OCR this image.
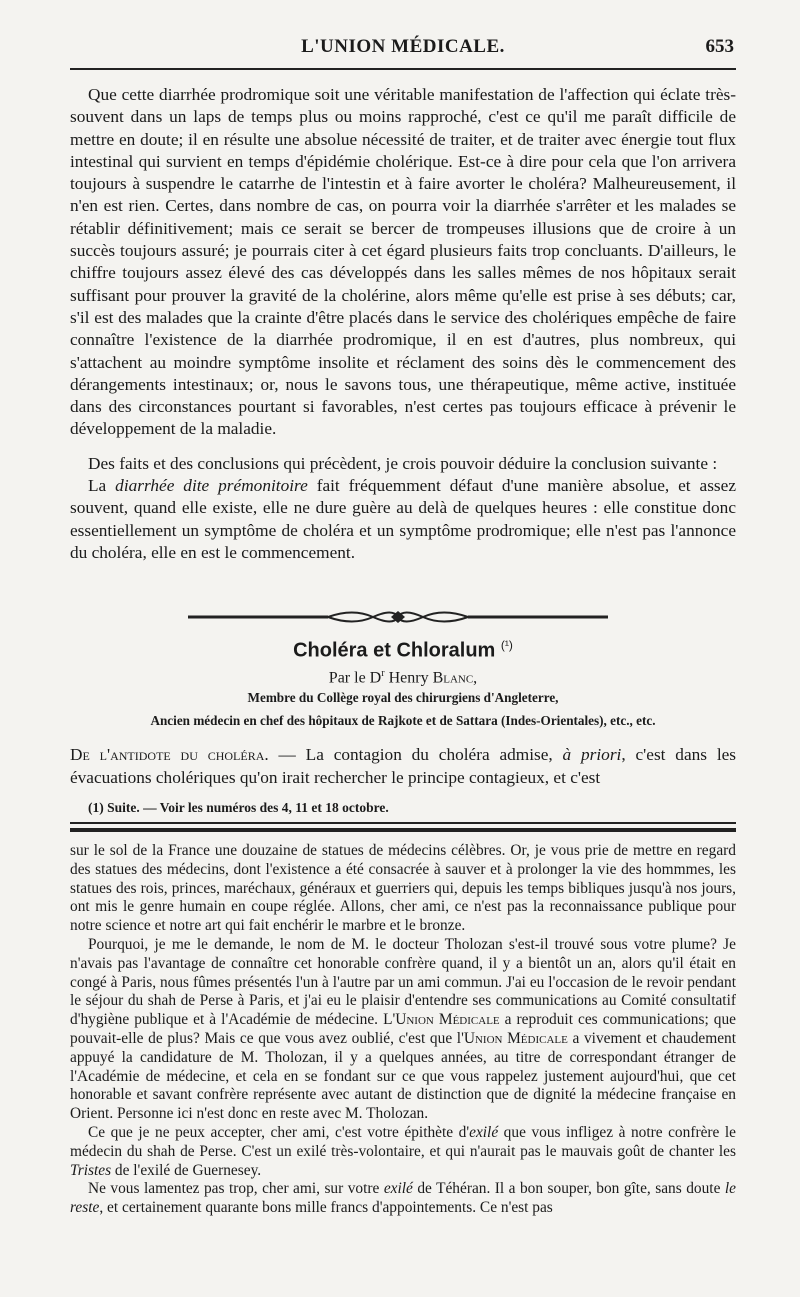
L'UNION MÉDICALE.	653

Que cette diarrhée prodromique soit une véritable manifestation de l'affection qui éclate très-souvent dans un laps de temps plus ou moins rapproché, c'est ce qu'il me paraît difficile de mettre en doute; il en résulte une absolue nécessité de traiter, et de traiter avec énergie tout flux intestinal qui survient en temps d'épidémie cholérique. Est-ce à dire pour cela que l'on arrivera toujours à suspendre le catarrhe de l'intestin et à faire avorter le choléra? Malheureusement, il n'en est rien. Certes, dans nombre de cas, on pourra voir la diarrhée s'arrêter et les malades se rétablir définitivement; mais ce serait se bercer de trompeuses illusions que de croire à un succès toujours assuré; je pourrais citer à cet égard plusieurs faits trop concluants. D'ailleurs, le chiffre toujours assez élevé des cas développés dans les salles mêmes de nos hôpitaux serait suffisant pour prouver la gravité de la cholérine, alors même qu'elle est prise à ses débuts; car, s'il est des malades que la crainte d'être placés dans le service des cholériques empêche de faire connaître l'existence de la diarrhée prodromique, il en est d'autres, plus nombreux, qui s'attachent au moindre symptôme insolite et réclament des soins dès le commencement des dérangements intestinaux; or, nous le savons tous, une thérapeutique, même active, instituée dans des circonstances pourtant si favorables, n'est certes pas toujours efficace à prévenir le développement de la maladie.

Des faits et des conclusions qui précèdent, je crois pouvoir déduire la conclusion suivante :

La diarrhée dite prémonitoire fait fréquemment défaut d'une manière absolue, et assez souvent, quand elle existe, elle ne dure guère au delà de quelques heures : elle constitue donc essentiellement un symptôme de choléra et un symptôme prodromique; elle n'est pas l'annonce du choléra, elle en est le commencement.

Choléra et Chloralum $^{(^1)}$
Par le $D^r$ Henry Blanc,
Membre du Collège royal des chirurgiens d'Angleterre,
Ancien médecin en chef des hôpitaux de Rajkote et de Sattara (Indes-Orientales), etc., etc.

De l'antidote du choléra. — La contagion du choléra admise, à priori, c'est dans les évacuations cholériques qu'on irait rechercher le principe contagieux, et c'est

(1) Suite. — Voir les numéros des 4, 11 et 18 octobre.

sur le sol de la France une douzaine de statues de médecins célèbres. Or, je vous prie de mettre en regard des statues des médecins, dont l'existence a été consacrée à sauver et à prolonger la vie des hommmes, les statues des rois, princes, maréchaux, généraux et guerriers qui, depuis les temps bibliques jusqu'à nos jours, ont mis le genre humain en coupe réglée. Allons, cher ami, ce n'est pas la reconnaissance publique pour notre science et notre art qui fait enchérir le marbre et le bronze.

Pourquoi, je me le demande, le nom de M. le docteur Tholozan s'est-il trouvé sous votre plume? Je n'avais pas l'avantage de connaître cet honorable confrère quand, il y a bientôt un an, alors qu'il était en congé à Paris, nous fûmes présentés l'un à l'autre par un ami commun. J'ai eu l'occasion de le revoir pendant le séjour du shah de Perse à Paris, et j'ai eu le plaisir d'entendre ses communications au Comité consultatif d'hygiène publique et à l'Académie de médecine. L'Union Médicale a reproduit ces communications; que pouvait-elle de plus? Mais ce que vous avez oublié, c'est que l'Union Médicale a vivement et chaudement appuyé la candidature de M. Tholozan, il y a quelques années, au titre de correspondant étranger de l'Académie de médecine, et cela en se fondant sur ce que vous rappelez justement aujourd'hui, que cet honorable et savant confrère représente avec autant de distinction que de dignité la médecine française en Orient. Personne ici n'est donc en reste avec M. Tholozan.

Ce que je ne peux accepter, cher ami, c'est votre épithète d'exilé que vous infligez à notre confrère le médecin du shah de Perse. C'est un exilé très-volontaire, et qui n'aurait pas le mauvais goût de chanter les Tristes de l'exilé de Guernesey.

Ne vous lamentez pas trop, cher ami, sur votre exilé de Téhéran. Il a bon souper, bon gîte, sans doute le reste, et certainement quarante bons mille francs d'appointements. Ce n'est pas
